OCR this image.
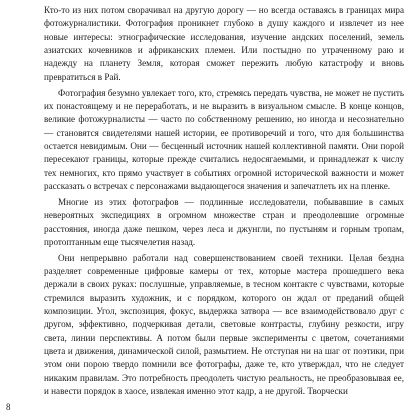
Кто-то из них потом сворачивал на другую дорогу — но всегда оставаясь в границах мира фотожурналистики. Фотография проникнет глубоко в душу каждого и извлечет из нее новые интересы: этнографические исследования, изучение андских поселений, земель азиатских кочевников и африканских племен. Или постыдно по утраченному раю и надежду на планету Земля, которая сможет пережить любую катастрофу и вновь превратиться в Рай.

Фотография безумно увлекает того, кто, стремясь передать чувства, не может не пустить их понастоящему и не переработать, и не выразить в визуальном смысле. В конце концов, великие фотожурналисты — часто по собственному решению, но иногда и несознательно — становятся свидетелями нашей истории, ее противоречий и того, что для большинства остается невидимым. Они — бесценный источник нашей коллективной памяти. Они порой пересекают границы, которые прежде считались недосягаемыми, и принадлежат к числу тех немногих, кто прямо участвует в событиях огромной исторической важности и может рассказать о встречах с персонажами выдающегося значения и запечатлеть их на пленке.

Многие из этих фотографов — подлинные исследователи, побывавшие в самых невероятных экспедициях в огромном множестве стран и преодолевшие огромные расстояния, иногда даже пешком, через леса и джунгли, по пустыням и горным тропам, протоптанным еще тысячелетия назад.

Они непрерывно работали над совершенствованием своей техники. Целая бездна разделяет современные цифровые камеры от тех, которые мастера прошедшего века держали в своих руках: послушные, управляемые, в тесном контакте с чувствами, которые стремился выразить художник, и с порядком, которого он ждал от преданий общей композиции. Угол, экспозиция, фокус, выдержка затвора — все взаимодействовало друг с другом, эффективно, подчеркивая детали, световые контрасты, глубину резкости, игру света, линии перспективы. А потом были первые эксперименты с цветом, сочетаниями цвета и движения, динамической силой, размытием. Не отступая ни на шаг от поэтики, при этом они порою твердо помнили все фотографы, даже те, кто утверждал, что не следует никаким правилам. Это потребность преодолеть чистую реальность, не преобразовывая ее, и навести порядок в хаосе, извлекая именно этот кадр, а не другой. Творчески

8
